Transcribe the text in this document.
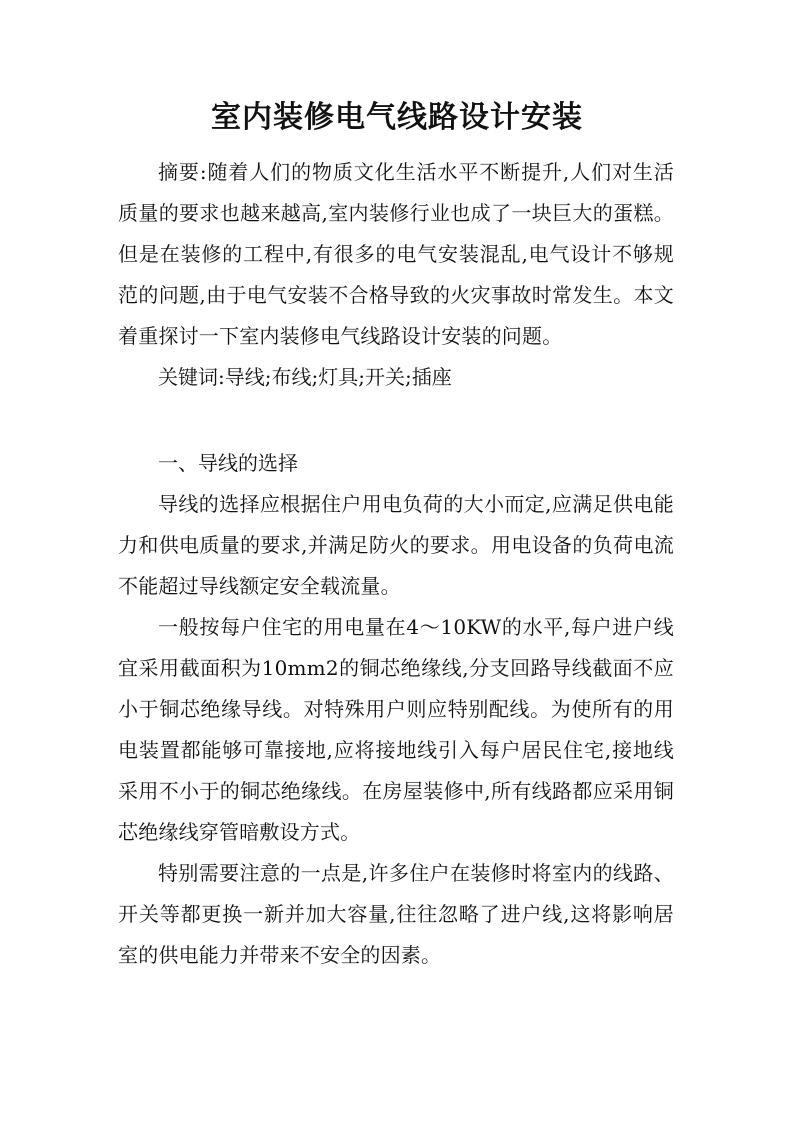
室内装修电气线路设计安装

摘要:随着人们的物质文化生活水平不断提升,人们对生活质量的要求也越来越高,室内装修行业也成了一块巨大的蛋糕。但是在装修的工程中,有很多的电气安装混乱,电气设计不够规范的问题,由于电气安装不合格导致的火灾事故时常发生。本文着重探讨一下室内装修电气线路设计安装的问题。

关键词:导线;布线;灯具;开关;插座

一、导线的选择

导线的选择应根据住户用电负荷的大小而定,应满足供电能力和供电质量的要求,并满足防火的要求。用电设备的负荷电流不能超过导线额定安全载流量。

一般按每户住宅的用电量在4～10KW的水平,每户进户线宜采用截面积为10mm2的铜芯绝缘线,分支回路导线截面不应小于铜芯绝缘导线。对特殊用户则应特别配线。为使所有的用电装置都能够可靠接地,应将接地线引入每户居民住宅,接地线采用不小于的铜芯绝缘线。在房屋装修中,所有线路都应采用铜芯绝缘线穿管暗敷设方式。

特别需要注意的一点是,许多住户在装修时将室内的线路、开关等都更换一新并加大容量,往往忽略了进户线,这将影响居室的供电能力并带来不安全的因素。
